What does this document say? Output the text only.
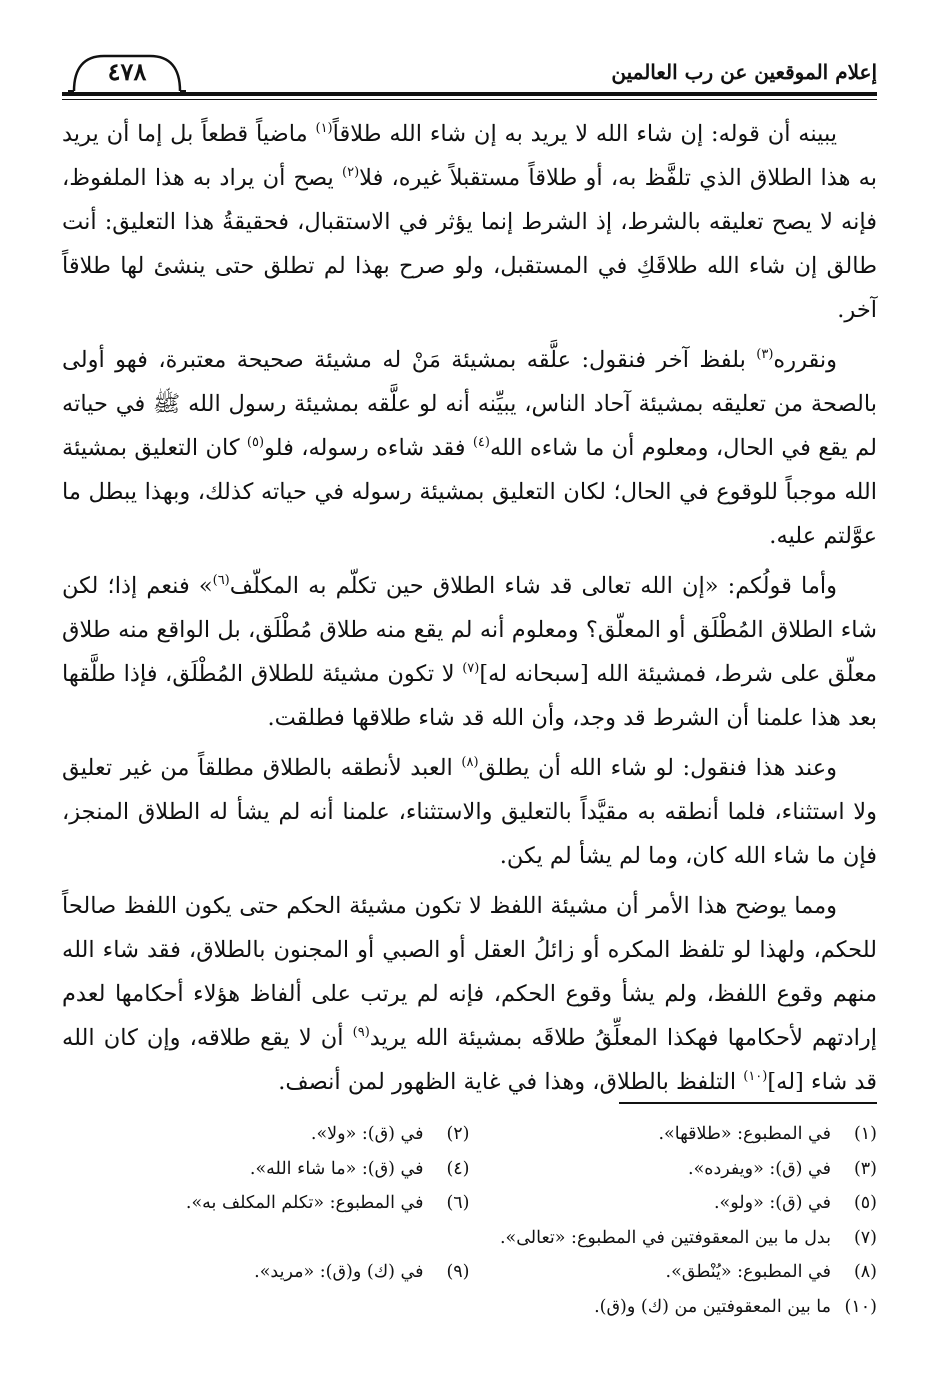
إعلام الموقعين عن رب العالمين
٤٧٨

يبينه أن قوله: إن شاء الله لا يريد به إن شاء الله طلاقاً$^{(١)}$ ماضياً قطعاً بل إما أن يريد به هذا الطلاق الذي تلفَّظ به، أو طلاقاً مستقبلاً غيره، فلا$^{(٢)}$ يصح أن يراد به هذا الملفوظ، فإنه لا يصح تعليقه بالشرط، إذ الشرط إنما يؤثر في الاستقبال، فحقيقةُ هذا التعليق: أنت طالق إن شاء الله طلاقَكِ في المستقبل، ولو صرح بهذا لم تطلق حتى ينشئ لها طلاقاً آخر.

ونقرره$^{(٣)}$ بلفظ آخر فنقول: علَّقه بمشيئة مَنْ له مشيئة صحيحة معتبرة، فهو أولى بالصحة من تعليقه بمشيئة آحاد الناس، يبيِّنه أنه لو علَّقه بمشيئة رسول الله ﷺ في حياته لم يقع في الحال، ومعلوم أن ما شاءه الله$^{(٤)}$ فقد شاءه رسوله، فلو$^{(٥)}$ كان التعليق بمشيئة الله موجباً للوقوع في الحال؛ لكان التعليق بمشيئة رسوله في حياته كذلك، وبهذا يبطل ما عوَّلتم عليه.

وأما قولُكم: «إن الله تعالى قد شاء الطلاق حين تكلّم به المكلّف$^{(٦)}$» فنعم إذا؛ لكن شاء الطلاق المُطْلَق أو المعلّق؟ ومعلوم أنه لم يقع منه طلاق مُطْلَق، بل الواقع منه طلاق معلّق على شرط، فمشيئة الله [سبحانه له]$^{(٧)}$ لا تكون مشيئة للطلاق المُطْلَق، فإذا طلَّقها بعد هذا علمنا أن الشرط قد وجد، وأن الله قد شاء طلاقها فطلقت.

وعند هذا فنقول: لو شاء الله أن يطلق$^{(٨)}$ العبد لأنطقه بالطلاق مطلقاً من غير تعليق ولا استثناء، فلما أنطقه به مقيَّداً بالتعليق والاستثناء، علمنا أنه لم يشأ له الطلاق المنجز، فإن ما شاء الله كان، وما لم يشأ لم يكن.

ومما يوضح هذا الأمر أن مشيئة اللفظ لا تكون مشيئة الحكم حتى يكون اللفظ صالحاً للحكم، ولهذا لو تلفظ المكره أو زائلُ العقل أو الصبي أو المجنون بالطلاق، فقد شاء الله منهم وقوع اللفظ، ولم يشأ وقوع الحكم، فإنه لم يرتب على ألفاظ هؤلاء أحكامها لعدم إرادتهم لأحكامها فهكذا المعلِّقُ طلاقَه بمشيئة الله يريد$^{(٩)}$ أن لا يقع طلاقه، وإن كان الله قد شاء [له]$^{(١٠)}$ التلفظ بالطلاق، وهذا في غاية الظهور لمن أنصف.

(١)في المطبوع: «طلاقها».
(٢)في (ق): «ولا».
(٣)في (ق): «ويفرده».
(٤)في (ق): «ما شاء الله».
(٥)في (ق): «ولو».
(٦)في المطبوع: «تكلم المكلف به».
(٧)بدل ما بين المعقوفتين في المطبوع: «تعالى».
(٨)في المطبوع: «يُنْطق».
(٩)في (ك) و(ق): «مريد».
(١٠)ما بين المعقوفتين من (ك) و(ق).
